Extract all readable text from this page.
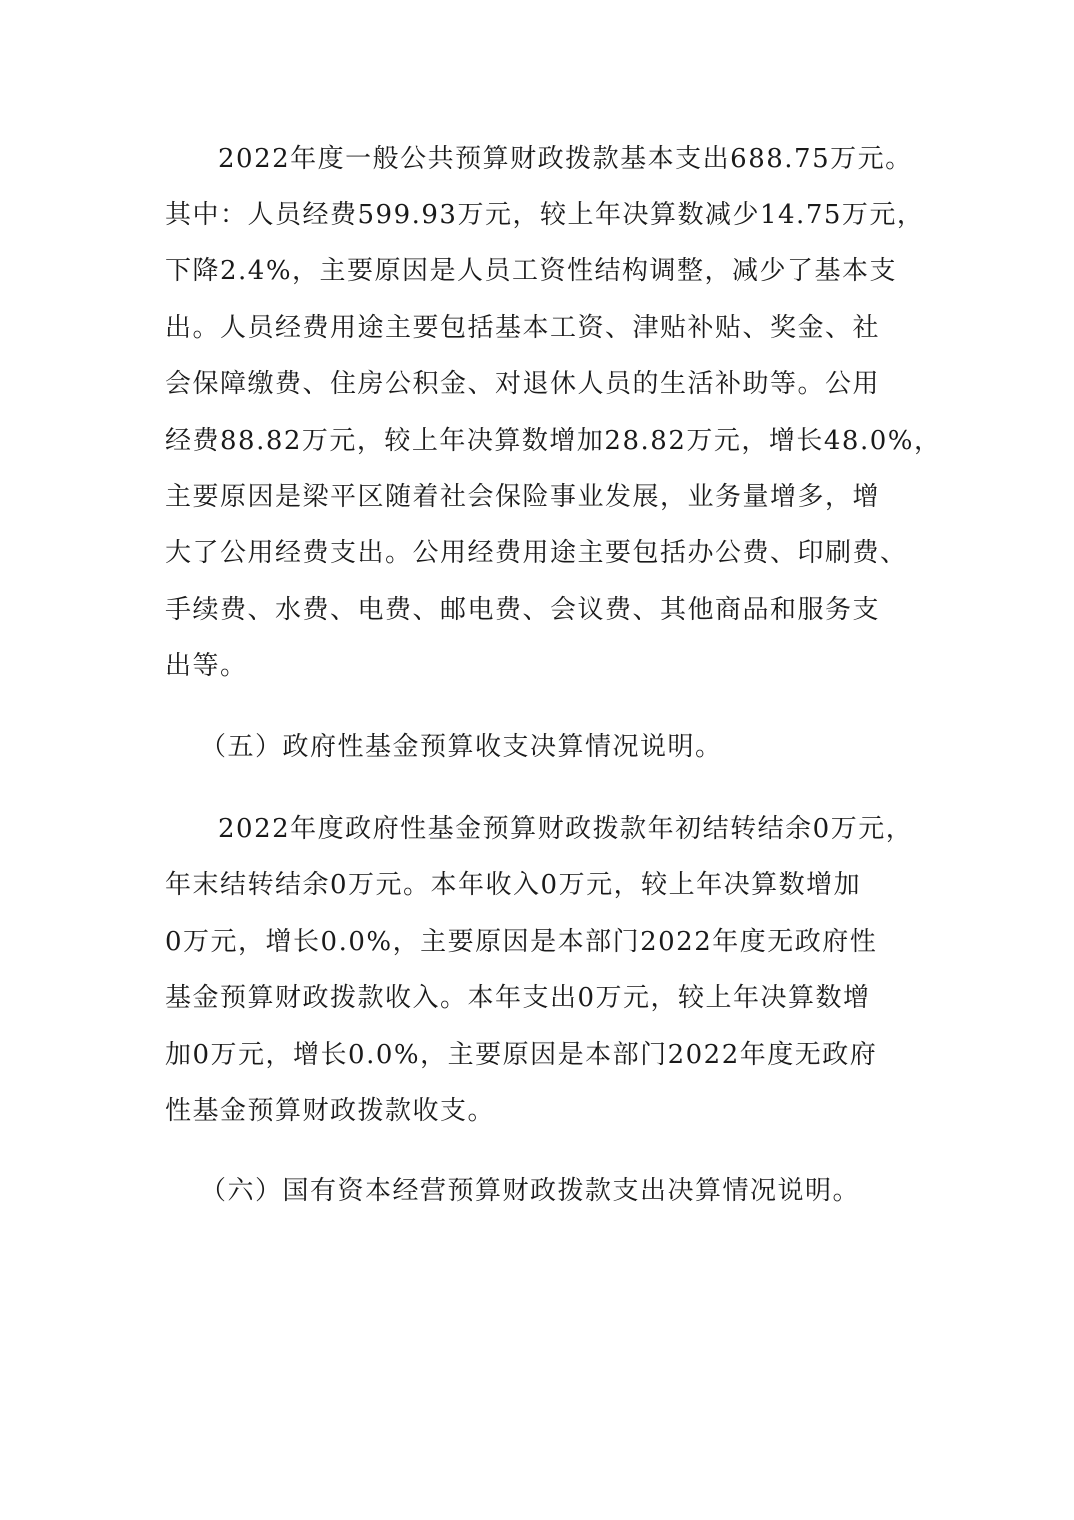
2022年度一般公共预算财政拨款基本支出688.75万元。
其中：人员经费599.93万元，较上年决算数减少14.75万元，
下降2.4%，主要原因是人员工资性结构调整，减少了基本支
出。人员经费用途主要包括基本工资、津贴补贴、奖金、社
会保障缴费、住房公积金、对退休人员的生活补助等。公用
经费88.82万元，较上年决算数增加28.82万元，增长48.0%，
主要原因是梁平区随着社会保险事业发展，业务量增多，增
大了公用经费支出。公用经费用途主要包括办公费、印刷费、
手续费、水费、电费、邮电费、会议费、其他商品和服务支
出等。
（五）政府性基金预算收支决算情况说明。
2022年度政府性基金预算财政拨款年初结转结余0万元，
年末结转结余0万元。本年收入0万元，较上年决算数增加
0万元，增长0.0%，主要原因是本部门2022年度无政府性
基金预算财政拨款收入。本年支出0万元，较上年决算数增
加0万元，增长0.0%，主要原因是本部门2022年度无政府
性基金预算财政拨款收支。
（六）国有资本经营预算财政拨款支出决算情况说明。
